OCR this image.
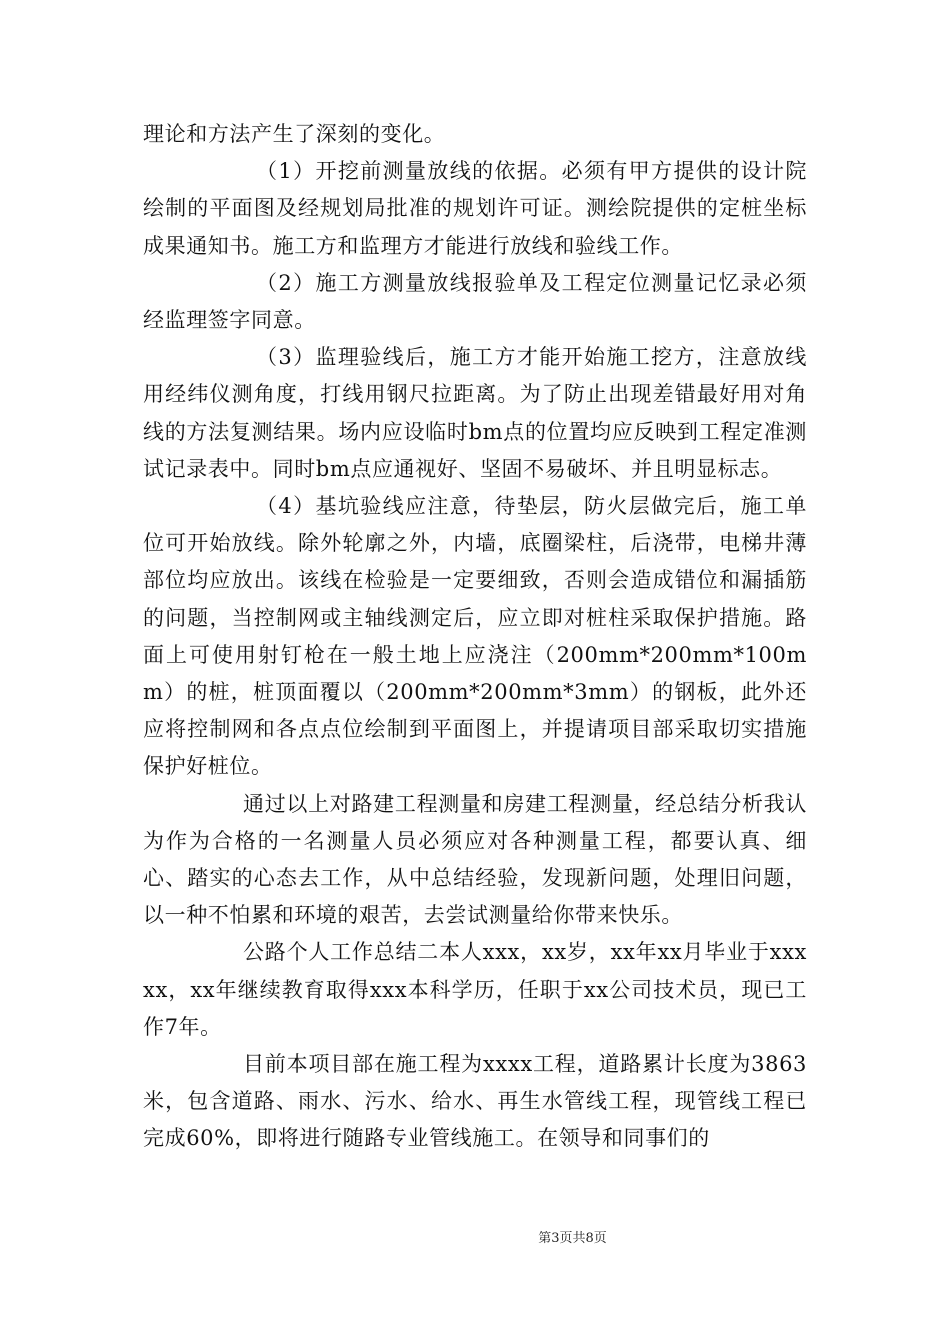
理论和方法产生了深刻的变化。

（1）开挖前测量放线的依据。必须有甲方提供的设计院绘制的平面图及经规划局批准的规划许可证。测绘院提供的定桩坐标成果通知书。施工方和监理方才能进行放线和验线工作。

（2）施工方测量放线报验单及工程定位测量记忆录必须经监理签字同意。

（3）监理验线后，施工方才能开始施工挖方，注意放线用经纬仪测角度，打线用钢尺拉距离。为了防止出现差错最好用对角线的方法复测结果。场内应设临时bm点的位置均应反映到工程定准测试记录表中。同时bm点应通视好、坚固不易破坏、并且明显标志。

（4）基坑验线应注意，待垫层，防火层做完后，施工单位可开始放线。除外轮廓之外，内墙，底圈梁柱，后浇带，电梯井薄部位均应放出。该线在检验是一定要细致，否则会造成错位和漏插筋的问题，当控制网或主轴线测定后，应立即对桩柱采取保护措施。路面上可使用射钉枪在一般土地上应浇注（200mm*200mm*100mm）的桩，桩顶面覆以（200mm*200mm*3mm）的钢板，此外还应将控制网和各点点位绘制到平面图上，并提请项目部采取切实措施保护好桩位。

通过以上对路建工程测量和房建工程测量，经总结分析我认为作为合格的一名测量人员必须应对各种测量工程，都要认真、细心、踏实的心态去工作，从中总结经验，发现新问题，处理旧问题，以一种不怕累和环境的艰苦，去尝试测量给你带来快乐。

公路个人工作总结二本人xxx，xx岁，xx年xx月毕业于xxxxx，xx年继续教育取得xxx本科学历，任职于xx公司技术员，现已工作7年。

目前本项目部在施工程为xxxx工程，道路累计长度为3863米，包含道路、雨水、污水、给水、再生水管线工程，现管线工程已完成60%，即将进行随路专业管线施工。在领导和同事们的

第3页共8页
